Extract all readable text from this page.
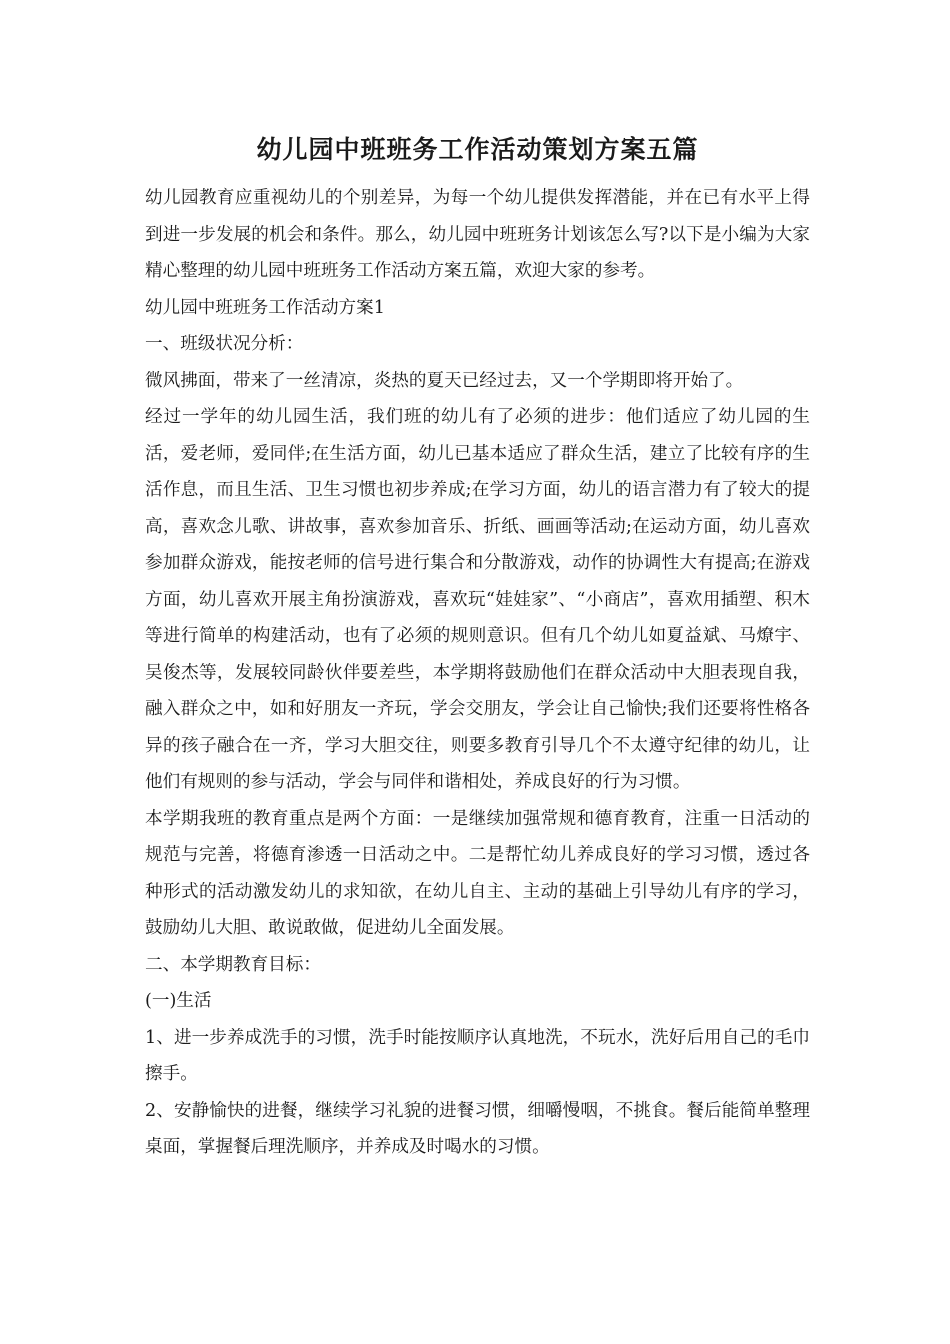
幼儿园中班班务工作活动策划方案五篇

幼儿园教育应重视幼儿的个别差异，为每一个幼儿提供发挥潜能，并在已有水平上得到进一步发展的机会和条件。那么，幼儿园中班班务计划该怎么写?以下是小编为大家精心整理的幼儿园中班班务工作活动方案五篇，欢迎大家的参考。

幼儿园中班班务工作活动方案1

一、班级状况分析：

微风拂面，带来了一丝清凉，炎热的夏天已经过去，又一个学期即将开始了。

经过一学年的幼儿园生活，我们班的幼儿有了必须的进步：他们适应了幼儿园的生活，爱老师，爱同伴;在生活方面，幼儿已基本适应了群众生活，建立了比较有序的生活作息，而且生活、卫生习惯也初步养成;在学习方面，幼儿的语言潜力有了较大的提高，喜欢念儿歌、讲故事，喜欢参加音乐、折纸、画画等活动;在运动方面，幼儿喜欢参加群众游戏，能按老师的信号进行集合和分散游戏，动作的协调性大有提高;在游戏方面，幼儿喜欢开展主角扮演游戏，喜欢玩“娃娃家”、“小商店”，喜欢用插塑、积木等进行简单的构建活动，也有了必须的规则意识。但有几个幼儿如夏益斌、马燎宇、吴俊杰等，发展较同龄伙伴要差些，本学期将鼓励他们在群众活动中大胆表现自我，融入群众之中，如和好朋友一齐玩，学会交朋友，学会让自己愉快;我们还要将性格各异的孩子融合在一齐，学习大胆交往，则要多教育引导几个不太遵守纪律的幼儿，让他们有规则的参与活动，学会与同伴和谐相处，养成良好的行为习惯。

本学期我班的教育重点是两个方面：一是继续加强常规和德育教育，注重一日活动的规范与完善，将德育渗透一日活动之中。二是帮忙幼儿养成良好的学习习惯，透过各种形式的活动激发幼儿的求知欲，在幼儿自主、主动的基础上引导幼儿有序的学习，鼓励幼儿大胆、敢说敢做，促进幼儿全面发展。

二、本学期教育目标：

(一)生活

1、进一步养成洗手的习惯，洗手时能按顺序认真地洗，不玩水，洗好后用自己的毛巾擦手。

2、安静愉快的进餐，继续学习礼貌的进餐习惯，细嚼慢咽，不挑食。餐后能简单整理桌面，掌握餐后理洗顺序，并养成及时喝水的习惯。
